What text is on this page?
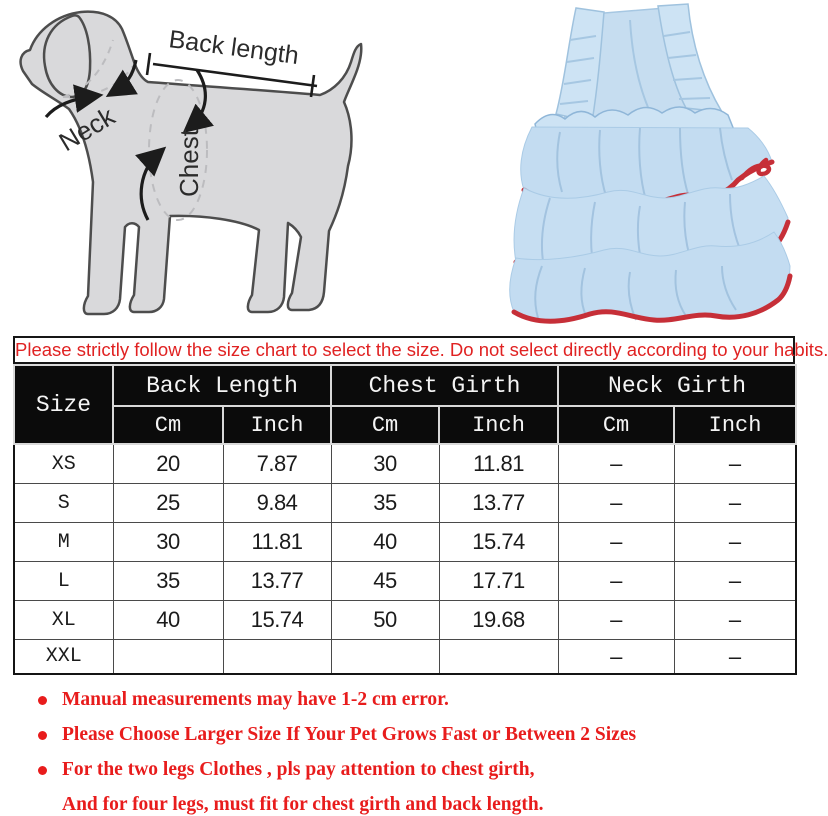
Back length
Neck
Chest
Please strictly follow the size chart to select the size. Do not select directly according to your habits.
Size	Back Length		Chest Girth		Neck Girth	
	Cm	Inch	Cm	Inch	Cm	Inch
XS	20	7.87	30	11.81	–	–
S	25	9.84	35	13.77	–	–
M	30	11.81	40	15.74	–	–
L	35	13.77	45	17.71	–	–
XL	40	15.74	50	19.68	–	–
XXL					–	–
Manual measurements may have 1-2 cm error.
Please Choose Larger Size If Your Pet Grows Fast or Between 2 Sizes
For the two legs Clothes , pls pay attention to chest girth,
And for four legs, must fit for chest girth and back length.
